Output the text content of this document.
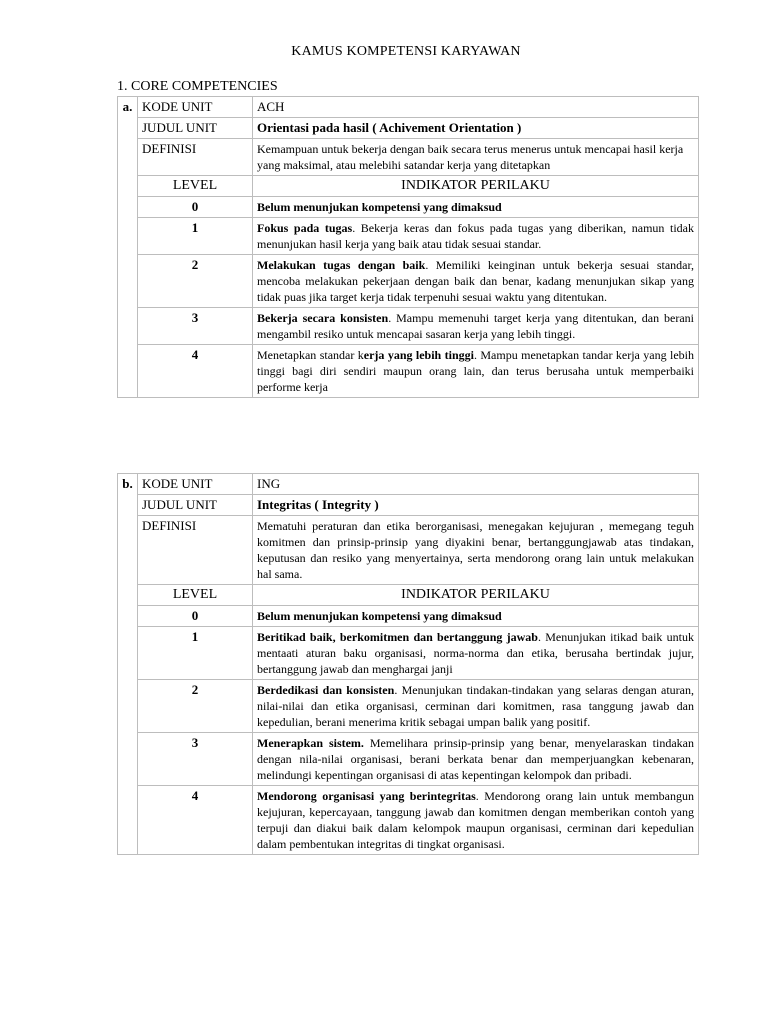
KAMUS KOMPETENSI KARYAWAN
1. CORE COMPETENCIES
a.	KODE UNIT	ACH
	JUDUL UNIT	Orientasi pada hasil ( Achivement Orientation )
	DEFINISI	Kemampuan untuk bekerja dengan baik secara terus menerus untuk mencapai hasil kerja yang maksimal, atau melebihi satandar kerja yang ditetapkan
	LEVEL	INDIKATOR PERILAKU
	0	Belum menunjukan kompetensi yang dimaksud
	1	Fokus pada tugas. Bekerja keras dan fokus pada tugas yang diberikan, namun tidak menunjukan hasil kerja yang baik atau tidak sesuai standar.
	2	Melakukan tugas dengan baik. Memiliki keinginan untuk bekerja sesuai standar, mencoba melakukan pekerjaan dengan baik dan benar, kadang menunjukan sikap yang tidak puas jika target kerja tidak terpenuhi sesuai waktu yang ditentukan.
	3	Bekerja secara konsisten. Mampu memenuhi target kerja yang ditentukan, dan berani mengambil resiko untuk mencapai sasaran kerja yang lebih tinggi.
	4	Menetapkan standar kerja yang lebih tinggi. Mampu menetapkan tandar kerja yang lebih tinggi bagi diri sendiri maupun orang lain, dan terus berusaha untuk memperbaiki performe kerja
b.	KODE UNIT	ING
	JUDUL UNIT	Integritas ( Integrity )
	DEFINISI	Mematuhi peraturan dan etika berorganisasi, menegakan kejujuran , memegang teguh komitmen dan prinsip-prinsip yang diyakini benar, bertanggungjawab atas tindakan, keputusan dan resiko yang menyertainya, serta mendorong orang lain untuk melakukan hal sama.
	LEVEL	INDIKATOR PERILAKU
	0	Belum menunjukan kompetensi yang dimaksud
	1	Beritikad baik, berkomitmen dan bertanggung jawab. Menunjukan itikad baik untuk mentaati aturan baku organisasi, norma-norma dan etika, berusaha bertindak jujur, bertanggung jawab dan menghargai janji
	2	Berdedikasi dan konsisten. Menunjukan tindakan-tindakan yang selaras dengan aturan, nilai-nilai dan etika organisasi, cerminan dari komitmen, rasa tanggung jawab dan kepedulian, berani menerima kritik sebagai umpan balik yang positif.
	3	Menerapkan sistem. Memelihara prinsip-prinsip yang benar, menyelaraskan tindakan dengan nila-nilai organisasi, berani berkata benar dan memperjuangkan kebenaran, melindungi kepentingan organisasi di atas kepentingan kelompok dan pribadi.
	4	Mendorong organisasi yang berintegritas. Mendorong orang lain untuk membangun kejujuran, kepercayaan, tanggung jawab dan komitmen dengan memberikan contoh yang terpuji dan diakui baik dalam kelompok maupun organisasi, cerminan dari kepedulian dalam pembentukan integritas di tingkat organisasi.
